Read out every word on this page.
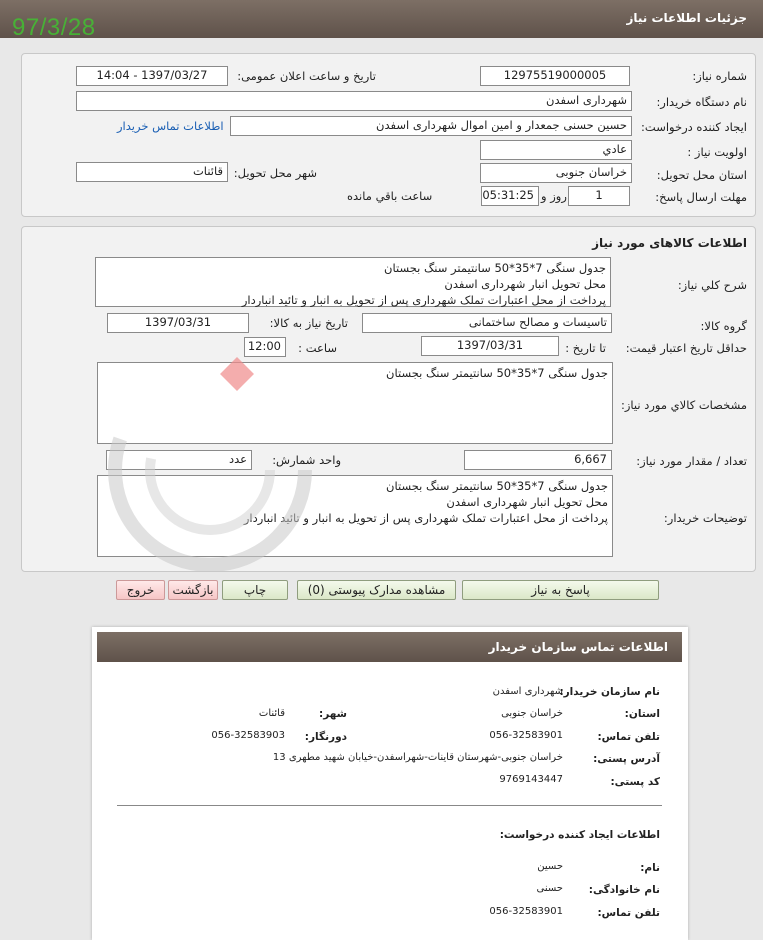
جزئیات اطلاعات نیاز
97/3/28
شماره نیاز:
12975519000005
تاریخ و ساعت اعلان عمومی:
1397/03/27 - 14:04
نام دستگاه خریدار:
شهرداری اسفدن
ایجاد کننده درخواست:
حسین حسنی جمعدار و امین اموال شهرداری اسفدن
اطلاعات تماس خریدار
اولویت نیاز :
عادي
استان محل تحویل:
خراسان جنوبی
شهر محل تحویل:
قائنات
مهلت ارسال پاسخ:
1
روز و
05:31:25
ساعت باقي مانده
اطلاعات کالاهای مورد نیاز
شرح کلي نياز:
جدول سنگی 7*35*50 سانتیمتر سنگ بجستان
محل تحویل انبار شهرداری اسفدن
پرداخت از محل اعتبارات تملک شهرداری پس از تحویل به انبار و تائید انباردار
گروه کالا:
تاسیسات و مصالح ساختمانی
تاریخ نیاز به کالا:
1397/03/31
حداقل تاریخ اعتبار قیمت:
تا تاریخ :
1397/03/31
ساعت :
12:00
مشخصات کالاي مورد نياز:
جدول سنگی 7*35*50 سانتیمتر سنگ بجستان
تعداد / مقدار مورد نیاز:
6,667
واحد شمارش:
عدد
توضیحات خریدار:
جدول سنگی 7*35*50 سانتیمتر سنگ بجستان
محل تحویل انبار شهرداری اسفدن
پرداخت از محل اعتبارات تملک شهرداری پس از تحویل به انبار و تائید انباردار
پاسخ به نیاز
مشاهده مدارک پیوستی (0)
چاپ
بازگشت
خروج
اطلاعات تماس سازمان خریدار
نام سازمان خریدار:
شهرداری اسفدن
استان:
خراسان جنوبی
شهر:
قائنات
تلفن تماس:
056-32583901
دورنگار:
056-32583903
آدرس پستی:
خراسان جنوبی-شهرستان قاینات-شهراسفدن-خیابان شهید مطهری 13
کد پستی:
9769143447
اطلاعات ایجاد کننده درخواست:
نام:
حسین
نام خانوادگی:
حسنی
تلفن تماس:
056-32583901
